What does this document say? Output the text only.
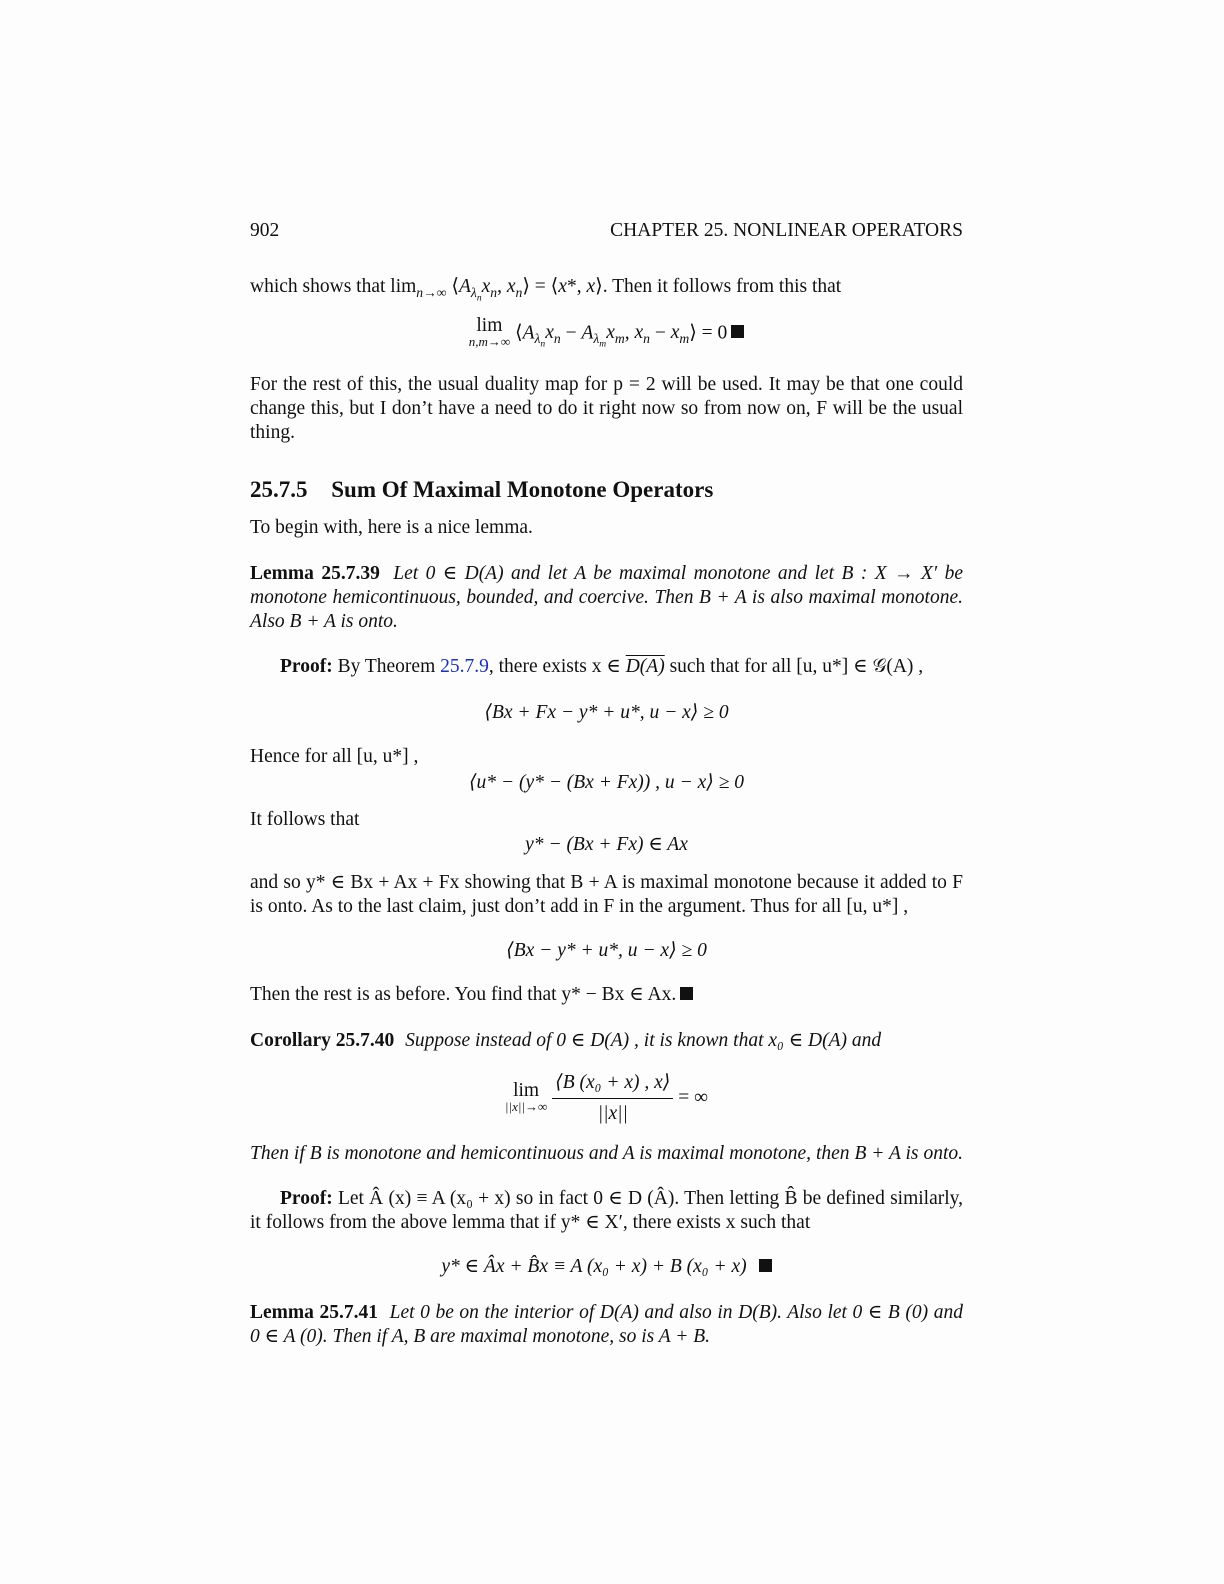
902	CHAPTER 25. NONLINEAR OPERATORS
which shows that $\lim_{n\to\infty}$ $⟨A_{\lambda_n}x_n$, $x_n⟩$ = ⟨x*, x⟩. Then it follows from this that
lim
n,m→∞ $⟨A_{\lambda_n}x_n - A_{\lambda_m}x_m$, $x_n$ − $x_m⟩ = 0$
For the rest of this, the usual duality map for p = 2 will be used. It may be that one could
change this, but I don’t have a need to do it right now so from now on, F will be the usual
thing.
25.7.5 Sum Of Maximal Monotone Operators
To begin with, here is a nice lemma.
Lemma 25.7.39 Let 0 ∈ D(A) and let A be maximal monotone and let B : X → X′ be
monotone hemicontinuous, bounded, and coercive. Then B + A is also maximal monotone.
Also B + A is onto.
Proof: By Theorem 25.7.9, there exists x ∈ D(A) such that for all [u, u*] ∈ 𝒢(A) ,
⟨Bx + Fx − y* + u*, u − x⟩ ≥ 0
Hence for all [u, u*] ,
⟨u* − (y* − (Bx + Fx)) , u − x⟩ ≥ 0
It follows that
y* − (Bx + Fx) ∈ Ax
and so y* ∈ Bx + Ax + Fx showing that B + A is maximal monotone because it added to F
is onto. As to the last claim, just don’t add in F in the argument. Thus for all [u, u*] ,
⟨Bx − y* + u*, u − x⟩ ≥ 0
Then the rest is as before. You find that y* − Bx ∈ Ax.
Corollary 25.7.40 Suppose instead of 0 ∈ D(A) , it is known that x₀ ∈ D(A) and
lim
||x||→∞
$\frac{\text{⟨B (x₀ + x) , x⟩}}{||x||}$ = ∞
Then if B is monotone and hemicontinuous and A is maximal monotone, then B + A is onto.
Proof: Let Â (x) ≡ A (x₀ + x) so in fact 0 ∈ D (Â). Then letting B̂ be defined similarly,
it follows from the above lemma that if y* ∈ X′, there exists x such that
y* ∈ Âx + B̂x ≡ A (x₀ + x) + B (x₀ + x)
Lemma 25.7.41 Let 0 be on the interior of D(A) and also in D(B). Also let 0 ∈ B (0) and
0 ∈ A (0). Then if A, B are maximal monotone, so is A + B.
